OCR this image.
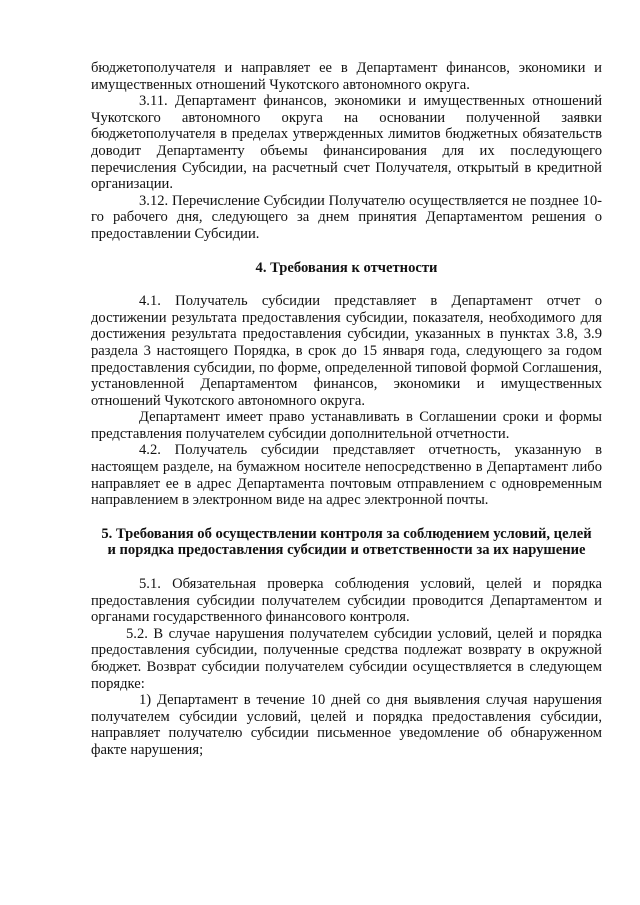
бюджетополучателя и направляет ее в Департамент финансов, экономики и имущественных отношений Чукотского автономного округа.

3.11. Департамент финансов, экономики и имущественных отношений Чукотского автономного округа на основании полученной заявки бюджетополучателя в пределах утвержденных лимитов бюджетных обязательств доводит Департаменту объемы финансирования для их последующего перечисления Субсидии, на расчетный счет Получателя, открытый в кредитной организации.

3.12. Перечисление Субсидии Получателю осуществляется не позднее 10-го рабочего дня, следующего за днем принятия Департаментом решения о предоставлении Субсидии.

4. Требования к отчетности

4.1. Получатель субсидии представляет в Департамент отчет о достижении результата предоставления субсидии, показателя, необходимого для достижения результата предоставления субсидии, указанных в пунктах 3.8, 3.9 раздела 3 настоящего Порядка, в срок до 15 января года, следующего за годом предоставления субсидии, по форме, определенной типовой формой Соглашения, установленной Департаментом финансов, экономики и имущественных отношений Чукотского автономного округа.

Департамент имеет право устанавливать в Соглашении сроки и формы представления получателем субсидии дополнительной отчетности.

4.2. Получатель субсидии представляет отчетность, указанную в настоящем разделе, на бумажном носителе непосредственно в Департамент либо направляет ее в адрес Департамента почтовым отправлением с одновременным направлением в электронном виде на адрес электронной почты.

5. Требования об осуществлении контроля за соблюдением условий, целей
и порядка предоставления субсидии и ответственности за их нарушение

5.1. Обязательная проверка соблюдения условий, целей и порядка предоставления субсидии получателем субсидии проводится Департаментом и органами государственного финансового контроля.

5.2. В случае нарушения получателем субсидии условий, целей и порядка предоставления субсидии, полученные средства подлежат возврату в окружной бюджет. Возврат субсидии получателем субсидии осуществляется в следующем порядке:

1) Департамент в течение 10 дней со дня выявления случая нарушения получателем субсидии условий, целей и порядка предоставления субсидии, направляет получателю субсидии письменное уведомление об обнаруженном факте нарушения;
